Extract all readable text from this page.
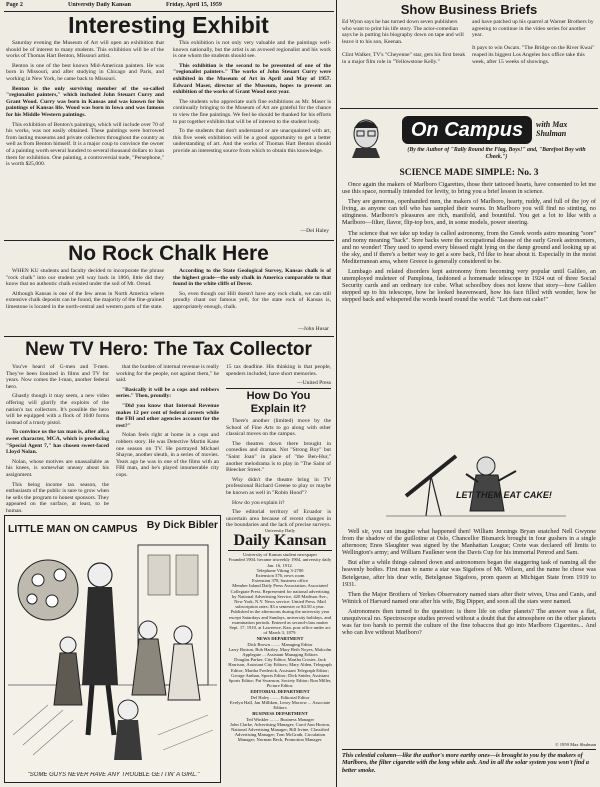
Page 2	University Daily Kansan	Friday, April 15, 1959
Interesting Exhibit

Saturday evening the Museum of Art will open an exhibition that should be of interest to many students. This exhibition will be of the works of Thomas Hart Benton, Missouri artist.

Benton is one of the best known Mid-American painters. He was born in Missouri, and after studying in Chicago and Paris, and working in New York, he came back to Missouri.

Benton is the only surviving member of the so-called "regionalist painters," which included John Steuart Curry and Grant Wood. Curry was born in Kansas and was known for his paintings of Kansas life. Wood was born in Iowa and was famous for his Middle Western paintings.

This exhibition of Benton's paintings, which will include over 70 of his works, was not easily obtained. These paintings were borrowed from lasting museums and private collectors throughout the country as well as from Benton himself. It is a major coup to convince the owner of a painting worth several hundred to several thousand dollars to loan them for exhibition. One painting, a controversial nude, "Persephone," is worth $25,000.

This exhibition is not only very valuable and the paintings well-known nationally, but the artist is an avowed regionalist and his work is one whom the students should see.

This exhibition is the second to be presented of one of the "regionalist painters." The works of John Steuart Curry were exhibited in the Museum of Art in April and May of 1957. Edward Maser, director of the Museum, hopes to present an exhibition of the works of Grant Wood next year.

The students who appreciate such fine exhibitions as Mr. Maser is continually bringing to the Museum of Art are grateful for the chance to view the fine paintings. We feel he should be thanked for his efforts to put together exhibits that will be of interest to the student body.

To the students that don't understand or are unacquainted with art, this five week exhibition will be a good opportunity to get a better understanding of art. And the works of Thomas Hart Benton should provide an interesting source from which to obtain this knowledge.

—Del Haley

No Rock Chalk Here

WHEN KU students and faculty decided to incorporate the phrase "rock chalk" into our student yell way back in 1866, little did they know that no authentic chalk existed under the soil of Mt. Oread.

Although Kansas is one of the few areas in North America where extensive chalk deposits can be found, the majority of the fine-grained limestone is located in the north-central and western parts of the state.

According to the State Geological Survey, Kansas chalk is of the highest grade—the only chalk in America comparable to that found in the white cliffs of Dover.

So, even though our Hill doesn't have any rock chalk, we can still proudly chant our famous yell, for the state rock of Kansas is, appropriately enough, chalk.

—John Husar

New TV Hero: The Tax Collector

You've heard of G-men and T-men. They've been lionized in films and TV for years. Now comes the I-man, another federal hero.

Ghastly though it may seem, a new video offering will glorify the exploits of the nation's tax collectors. It's possible the hero will be equipped with a flock of 1040 forms instead of a trusty pistol.

To convince us the tax man is, after all, a sweet character, MCA, which is producing "Special Agent 7," has chosen sweet-faced Lloyd Nolan.

Nolan, whose motives are unassailable as his knees, is somewhat uneasy about his assignment.

This being income tax season, the enthusiasm of the public is sure to grow when he sells the program to honest sponsors. They appeared on the surface, at least, to be human.

that the burden of internal revenue is really working for the people, not against them," he said.

"Basically it will be a cops and robbers series." Then, proudly:

"Did you know that Internal Revenue makes 12 per cent of federal arrests while the FBI and other agencies account for the rest?"

Nolan feels right at home in a cops and robbers story. He was Detective Martin Kane one season on TV. He portrayed Michael Shayne, another sleuth, in a series of movies. Years ago he was in one of the films with an FBI man, and he's played innumerable city cops.

15 tax deadline. His thinking is that people, spenders included, have short memories.

—United Press

How Do You Explain It?

There's another (limited) move by the School of Fine Arts to go along with other classical moves on the campus.

The theatres down there brought in comedies and dramas. Not "Strong Boy" but "Saint Joan" in place of "the Ben-Hur," another melodrama is to play in "The Saint of Bleecker Street."

Why didn't the theatre bring in TV professional Richard Greene to play or maybe be known as well in "Robin Hood"?

How do you explain it?

The editorial territory of Ecuador is uncertain area because of recent changes in the boundaries and the lack of precise surveys.

LITTLE MAN ON CAMPUS By Dick Bibler
"SOME GUYS NEVER HAVE ANY TROUBLE GETTIN' A GIRL."
University Daily
Daily Kansan
University of Kansas student newspaper
Founded 1904. became triweekly 1904, university daily Jan. 16, 1912.
Telephone Viking 3-2700
Extension 376, news room
Extension 378, business office
Member Inland Daily Press Association, Associated Collegiate Press. Represented for national advertising by National Advertising Service, 420 Madison Ave., New York, N.Y. News service: United Press. Mail subscription rates: $3 a semester or $4.50 a year.
Published in the afternoons during the university year except Saturdays and Sundays, university holidays, and examination periods. Entered as second-class matter Sept. 17, 1910, at Lawrence, Kan. post office under act of March 3, 1879.
NEWS DEPARTMENT
Dick Brown ........ Managing Editor
Larry Boston, Bob Hartley, Mary Beth Noyes, Malcolm Applegate ... Assistant Managing Editors
Douglas Parker, City Editor; Martha Crosier, Jack Harrison, Assistant City Editors; Mary Alden, Telegraph Editor; Martha Frederick, Assistant Telegraph Editor; George Anthan, Sports Editor; Dick Snider, Assistant Sports Editor; Pat Swanson, Society Editor; Ron Miller, Picture Editor.
EDITORIAL DEPARTMENT
Del Haley ........ Editorial Editor
Evelyn Hall, Jan Milliken, Leroy Morrow ... Associate Editors
BUSINESS DEPARTMENT
Ted Winkler ........ Business Manager
John Clarke, Advertising Manager; Carol Ann Horton, National Advertising Manager; Bill Irvine, Classified Advertising Manager; Tom McGrath, Circulation Manager; Norman Beck, Promotion Manager.
Show Business Briefs
Ed Wynn says he has turned down seven publishers who want to print his life story. The actor-comedian says he is putting his biography down on tape and will leave it to his son, Keenan.

Clint Walker, TV's "Cheyenne" star, gets his first break in a major film role in "Yellowstone Kelly."
and have patched up his quarrel at Warner Brothers by agreeing to continue in the video series for another year.

It pays to win Oscars. "The Bridge on the River Kwai" reaped its biggest Los Angeles box office take this week, after 15 weeks of showings.
On Campus	with Max Shulman
(By the Author of "Rally Round the Flag, Boys!" and, "Barefoot Boy with Cheek.")
SCIENCE MADE SIMPLE: No. 3

Once again the makers of Marlboro Cigarettes, those their tattooed hearts, have consented to let me use this space, normally intended for levity, to bring you a brief lesson in science.

They are generous, openhanded men, the makers of Marlboro, hearty, ruddy, and full of the joy of living, as anyone can tell who has sampled their wares. In Marlboro you will find no stinting, no stinginess. Marlboro's pleasures are rich, manifold, and bountiful. You get a lot to like with a Marlboro—filter, flavor, flip-top box, and, in some models, power steering.

The science that we take up today is called astronomy, from the Greek words astro meaning "sore" and nomy meaning "back". Sore backs were the occupational disease of the early Greek astronomers, and no wonder! They used to spend every blessed night lying on the damp ground and looking up at the sky, and if there's a better way to get a sore back, I'd like to hear about it. Especially in the moist Mediterranean area, where Greece is generally considered to be.

Lumbago and related disorders kept astronomy from becoming very popular until Galileo, an unemployed muleteer of Pamplona, fashioned a homemade telescope in 1924 out of three Social Security cards and an ordinary ice cube. What schoolboy does not know that story—how Galileo stepped up to his telescope, how he looked heavenward, how his face filled with wonder, how he stepped back and whispered the words heard round the world: "Let them eat cake!"

LET THEM EAT CAKE!

Well sir, you can imagine what happened then! William Jennings Bryan snatched Nell Gwynne from the shadow of the guillotine at Oslo, Chancellor Bismarck brought in four gushers in a single afternoon; Enos Slaughter was signed by the Manhattan League; Crete was declared off limits to Wellington's army; and William Faulkner won the Davis Cup for his immortal Penrod and Sam.

But after a while things calmed down and astronomers began the staggering task of naming all the heavenly bodies. First man to name a star was Sigafoos of Mt. Wilson, and the name he chose was Betelgeuse, after his dear wife, Betelgeuse Sigafoos, prom queen at Michigan State from 1919 to 1931.

Then the Major Brothers of Yerkes Observatory named stars after their wives, Ursa and Canis, and Witnick of Harvard named one after his wife, Big Dipper, and soon all the stars were named.

Astronomers then turned to the question: is there life on other planets? The answer was a flat, unequivocal no. Spectroscope studies proved without a doubt that the atmosphere on the other planets was far too harsh to permit the culture of the fine tobaccos that go into Marlboro Cigarettes... And who can live without Marlboro?

© 1959 Max Shulman
This celestial column—like the author's more earthy ones—is brought to you by the makers of Marlboro, the filter cigarette with the long white ash. And in all the solar system you won't find a better smoke.
